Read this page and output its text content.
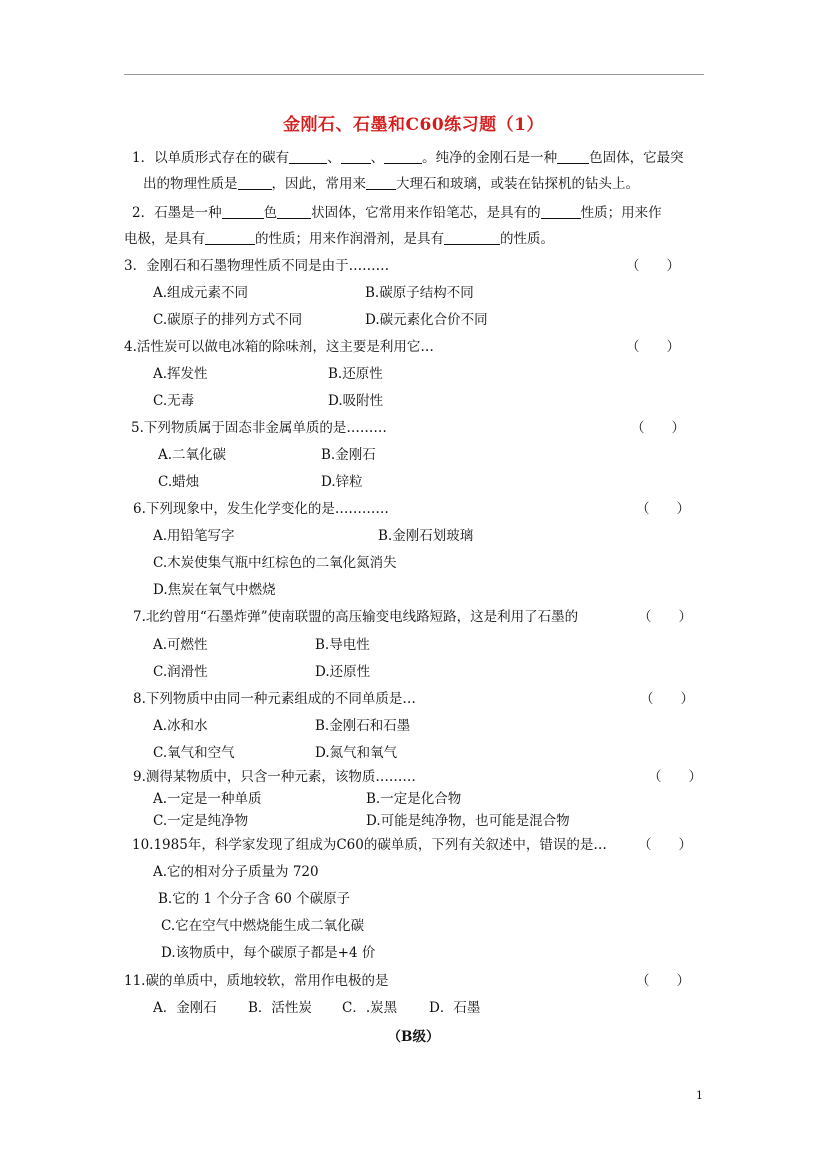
金刚石、石墨和C60练习题（1）
1．以单质形式存在的碳有	、 、	。纯净的金刚石是一种 色固体，它最突
出的物理性质是	，因此，常用来 大理石和玻璃，或装在钻探机的钻头上。
2．石墨是一种	色	状固体，它常用来作铅笔芯，是具有的	性质；用来作
电极，是具有	的性质；用来作润滑剂，是具有	的性质。
3．金刚石和石墨物理性质不同是由于………	（　　）
A.组成元素不同	B.碳原子结构不同
C.碳原子的排列方式不同	D.碳元素化合价不同
4.活性炭可以做电冰箱的除味剂，这主要是利用它…	（　　）
A.挥发性	B.还原性
C.无毒	D.吸附性
5.下列物质属于固态非金属单质的是………	（　　）
A.二氧化碳	B.金刚石
C.蜡烛	D.锌粒
6.下列现象中，发生化学变化的是…………	（　　）
A.用铅笔写字	B.金刚石划玻璃
C.木炭使集气瓶中红棕色的二氧化氮消失
D.焦炭在氧气中燃烧
7.北约曾用“石墨炸弹”使南联盟的高压输变电线路短路，这是利用了石墨的	（　　）
A.可燃性	B.导电性
C.润滑性	D.还原性
8.下列物质中由同一种元素组成的不同单质是…	（　　）
A.冰和水	B.金刚石和石墨
C.氧气和空气	D.氮气和氧气
9.测得某物质中，只含一种元素，该物质………	（　　）
A.一定是一种单质	B.一定是化合物
C.一定是纯净物	D.可能是纯净物，也可能是混合物
10.1985年，科学家发现了组成为C60的碳单质，下列有关叙述中，错误的是… （　　）
A.它的相对分子质量为 720
B.它的 1 个分子含 60 个碳原子
C.它在空气中燃烧能生成二氧化碳
D.该物质中，每个碳原子都是+4 价
11.碳的单质中，质地较软，常用作电极的是	（　　）
A．金刚石 B．活性炭 C．.炭黑 D．石墨
（B级）
1
